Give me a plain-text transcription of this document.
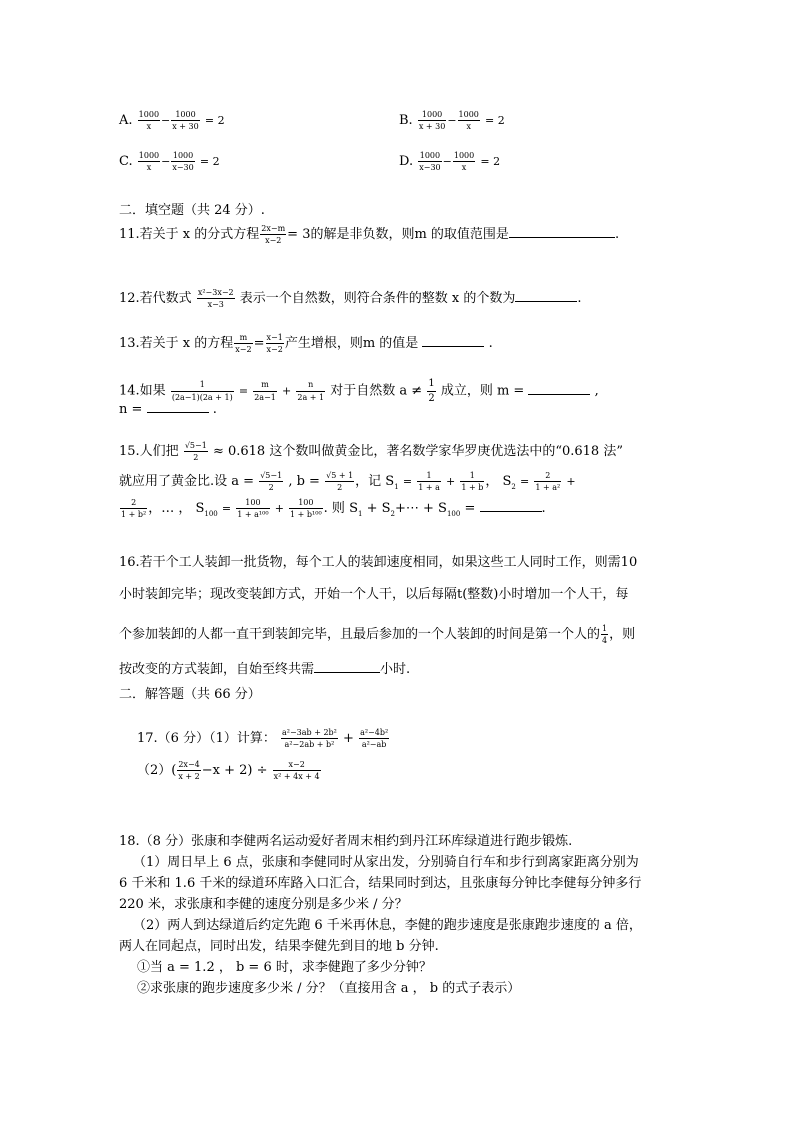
A. $\frac{1000}{x} - \frac{1000}{x + 30} = 2$	B. $\frac{1000}{x + 30} - \frac{1000}{x} = 2$
C. $\frac{1000}{x} - \frac{1000}{x-30} = 2$	D. $\frac{1000}{x-30} - \frac{1000}{x} = 2$
二．填空题（共 24 分）.
11.若关于 x 的分式方程 $\frac{2x-m}{x-2} = 3$的解是非负数，则m 的取值范围是	.
12.若代数式 $\frac{\text{x²−3x−2}}{x-3}$ 表示一个自然数，则符合条件的整数 x 的个数为	.
13.若关于 x 的方程 $\frac{m}{x-2} = \frac{x-1}{x-2}$ 产生增根，则m 的值是	.
14.如果 $\frac{1}{(2a-1)(2a + 1)} = \frac{m}{2a-1} + \frac{n}{2a + 1}$ 对于自然数 $a \ne \frac{1}{2}$ 成立，则 m =	,
n =	.
15.人们把 $\frac{√5-1}{2} \approx 0.618$ 这个数叫做黄金比，著名数学家华罗庚优选法中的“0.618 法”
就应用了黄金比.设 $a = \frac{√5-1}{2}$ , $b = \frac{√5 + 1}{2}$ ，记 $S_1 = \frac{1}{1 + a} + \frac{1}{1 + b}$ ， $S_2 = \frac{2}{\text{1 + a²}}$ +
$\frac{2}{\text{1 + b²}}$ ，… ， $S_{100} = \frac{100}{\text{1 + a¹⁰⁰}} + \frac{100}{\text{1 + b¹⁰⁰}}$ . 则 $S_1$ + $S_2+\cdots + S_{100}$ =	.
16.若干个工人装卸一批货物，每个工人的装卸速度相同，如果这些工人同时工作，则需10
小时装卸完毕；现改变装卸方式，开始一个人干，以后每隔t(整数)小时增加一个人干，每
个参加装卸的人都一直干到装卸完毕，且最后参加的一个人装卸的时间是第一个人的 $\frac{1}{4}$ ，则
按改变的方式装卸，自始至终共需	小时.
二．解答题（共 66 分）
17.（6 分）（1）计算： $\frac{\text{a²−3ab + 2b²}}{\text{a²−2ab + b²}} + \frac{\text{a²−4b²}}{\text{a²−ab}}$
$(2)( \frac{2x-4}{x + 2} -x + 2) \div \frac{x-2}{\text{x² + 4x + 4}}$
18.（8 分）张康和李健两名运动爱好者周末相约到丹江环库绿道进行跑步锻炼.
（1）周日早上 6 点，张康和李健同时从家出发，分别骑自行车和步行到离家距离分别为
6 千米和 1.6 千米的绿道环库路入口汇合，结果同时到达，且张康每分钟比李健每分钟多行
220 米，求张康和李健的速度分别是多少米 / 分？
（2）两人到达绿道后约定先跑 6 千米再休息，李健的跑步速度是张康跑步速度的 a 倍，
两人在同起点，同时出发，结果李健先到目的地 b 分钟.
①当 a = 1.2 ， b = 6 时，求李健跑了多少分钟？
②求张康的跑步速度多少米 / 分？（直接用含 a ， b 的式子表示）
